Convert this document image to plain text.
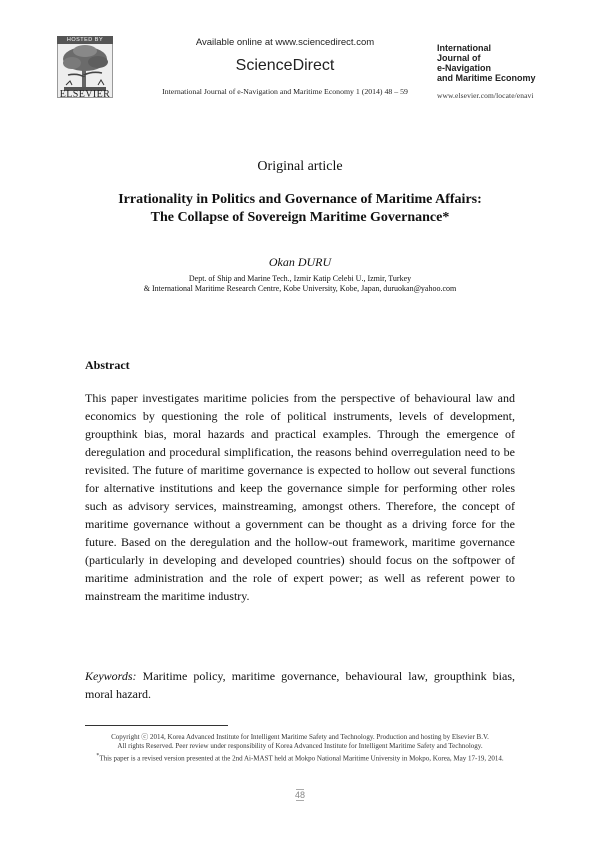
HOSTED BY
ELSEVIER
Available online at www.sciencedirect.com
ScienceDirect
International Journal of e-Navigation and Maritime Economy 1 (2014) 48 – 59
International
Journal of
e-Navigation
and Maritime Economy
www.elsevier.com/locate/enavi
Original article
Irrationality in Politics and Governance of Maritime Affairs:
The Collapse of Sovereign Maritime Governance*
Okan DURU
Dept. of Ship and Marine Tech., Izmir Katip Celebi U., Izmir, Turkey
& International Maritime Research Centre, Kobe University, Kobe, Japan, duruokan@yahoo.com
Abstract
This paper investigates maritime policies from the perspective of behavioural law and economics by questioning the role of political instruments, levels of development, groupthink bias, moral hazards and practical examples. Through the emergence of deregulation and procedural simplification, the reasons behind overregulation need to be revisited. The future of maritime governance is expected to hollow out several functions for alternative institutions and keep the governance simple for performing other roles such as advisory services, mainstreaming, amongst others. Therefore, the concept of maritime governance without a government can be thought as a driving force for the future. Based on the deregulation and the hollow-out framework, maritime governance (particularly in developing and developed countries) should focus on the softpower of maritime administration and the role of expert power; as well as referent power to mainstream the maritime industry.
Keywords: Maritime policy, maritime governance, behavioural law, groupthink bias, moral hazard.
Copyright ⓒ 2014, Korea Advanced Institute for Intelligent Maritime Safety and Technology. Production and hosting by Elsevier B.V.
All rights Reserved. Peer review under responsibility of Korea Advanced Institute for Intelligent Maritime Safety and Technology.
*This paper is a revised version presented at the 2nd Ai-MAST held at Mokpo National Maritime University in Mokpo, Korea, May 17-19, 2014.
48
